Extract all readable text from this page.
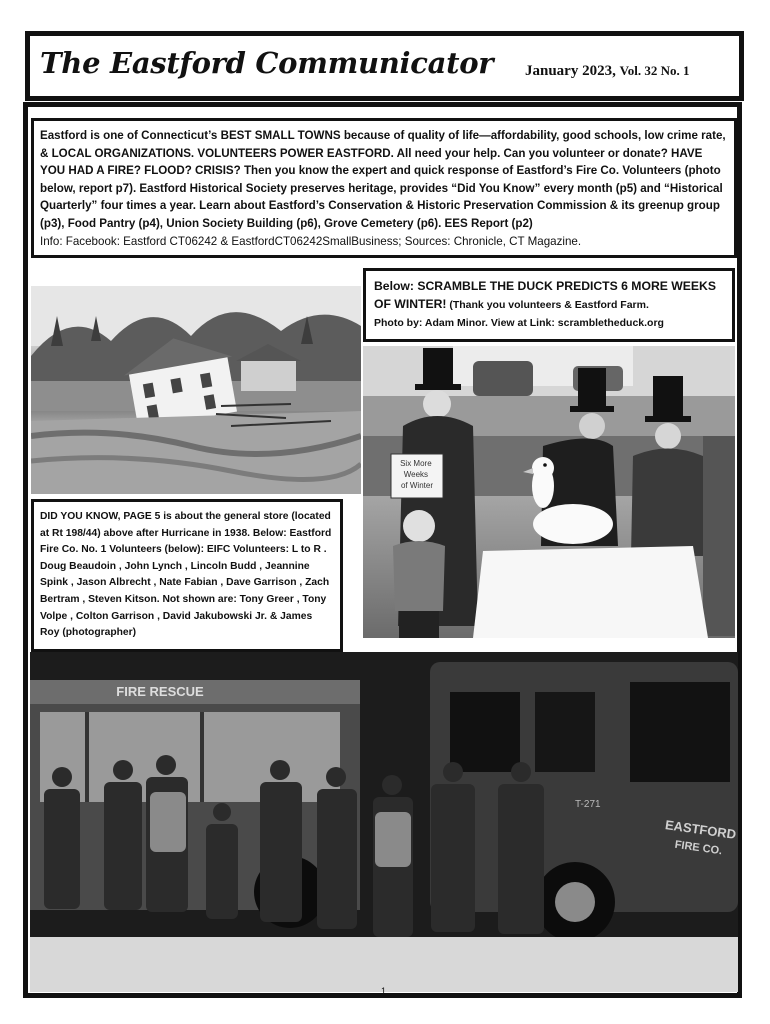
The Eastford Communicator January 2023, Vol. 32 No. 1
Eastford is one of Connecticut’s BEST SMALL TOWNS because of quality of life—affordability, good schools, low crime rate, & LOCAL ORGANIZATIONS. VOLUNTEERS POWER EASTFORD. All need your help. Can you volunteer or donate? HAVE YOU HAD A FIRE? FLOOD? CRISIS? Then you know the expert and quick response of Eastford’s Fire Co. Volunteers (photo below, report p7). Eastford Historical Society preserves heritage, provides “Did You Know” every month (p5) and “Historical Quarterly” four times a year. Learn about Eastford’s Conservation & Historic Preservation Commission & its greenup group (p3), Food Pantry (p4), Union Society Building (p6), Grove Cemetery (p6). EES Report (p2)
Info: Facebook: Eastford CT06242 & EastfordCT06242SmallBusiness; Sources: Chronicle, CT Magazine.
Below: SCRAMBLE THE DUCK PREDICTS 6 MORE WEEKS OF WINTER! (Thank you volunteers & Eastford Farm.
Photo by: Adam Minor. View at Link: scrambletheduck.org
Six More Weeks of Winter
DID YOU KNOW, PAGE 5 is about the general store (located at Rt 198/44) above after Hurricane in 1938. Below: Eastford Fire Co. No. 1 Volunteers (below): EIFC Volunteers: L to R . Doug Beaudoin , John Lynch , Lincoln Budd , Jeannine Spink , Jason Albrecht , Nate Fabian , Dave Garrison , Zach Bertram , Steven Kitson. Not shown are: Tony Greer , Tony Volpe , Colton Garrison , David Jakubowski Jr. & James Roy (photographer)
FIRE RESCUE
EASTFORD
FIRE CO.
T-271
1
